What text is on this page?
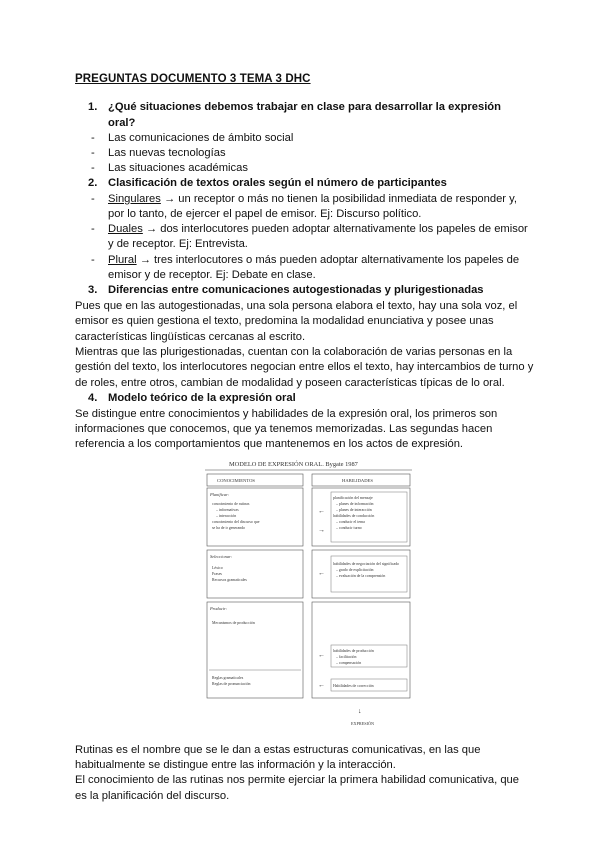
PREGUNTAS DOCUMENTO 3 TEMA 3 DHC
1. ¿Qué situaciones debemos trabajar en clase para desarrollar la expresión
oral?
- Las comunicaciones de ámbito social
- Las nuevas tecnologías
- Las situaciones académicas
2. Clasificación de textos orales según el número de participantes
- Singulares → un receptor o más no tienen la posibilidad inmediata de responder y,
por lo tanto, de ejercer el papel de emisor. Ej: Discurso político.
- Duales → dos interlocutores pueden adoptar alternativamente los papeles de emisor
y de receptor. Ej: Entrevista.
- Plural → tres interlocutores o más pueden adoptar alternativamente los papeles de
emisor y de receptor. Ej: Debate en clase.
3. Diferencias entre comunicaciones autogestionadas y plurigestionadas
Pues que en las autogestionadas, una sola persona elabora el texto, hay una sola voz, el
emisor es quien gestiona el texto, predomina la modalidad enunciativa y posee unas
características lingüísticas cercanas al escrito.
Mientras que las plurigestionadas, cuentan con la colaboración de varias personas en la
gestión del texto, los interlocutores negocian entre ellos el texto, hay intercambios de turno y
de roles, entre otros, cambian de modalidad y poseen características típicas de lo oral.
4. Modelo teórico de la expresión oral
Se distingue entre conocimientos y habilidades de la expresión oral, los primeros son
informaciones que conocemos, que ya tenemos memorizadas. Las segundas hacen
referencia a los comportamientos que mantenemos en los actos de expresión.
MODELO DE EXPRESIÓN ORAL. Bygate 1987
CONOCIMIENTOS
Planificar:
conocimiento de rutinas
– informativas
– interacción
conocimiento del discurso que
se ha de ir generando
Seleccionar:
Léxico
Frases
Recursos gramaticales
Producir:
Mecanismos de producción
Reglas gramaticales
Reglas de pronunciación
←
→
←
←
←
HABILIDADES
planificación del mensaje
– planes de información
– planes de interacción
habilidades de conducción
– conducir el tema
– conducir turno
habilidades de negociación del significado
– grado de explicitación
– evaluación de la comprensión
habilidades de producción
– facilitación
– compensación
Habilidades de corrección
↓
EXPRESIÓN
Rutinas es el nombre que se le dan a estas estructuras comunicativas, en las que
habitualmente se distingue entre las información y la interacción.
El conocimiento de las rutinas nos permite ejerciar la primera habilidad comunicativa, que
es la planificación del discurso.
